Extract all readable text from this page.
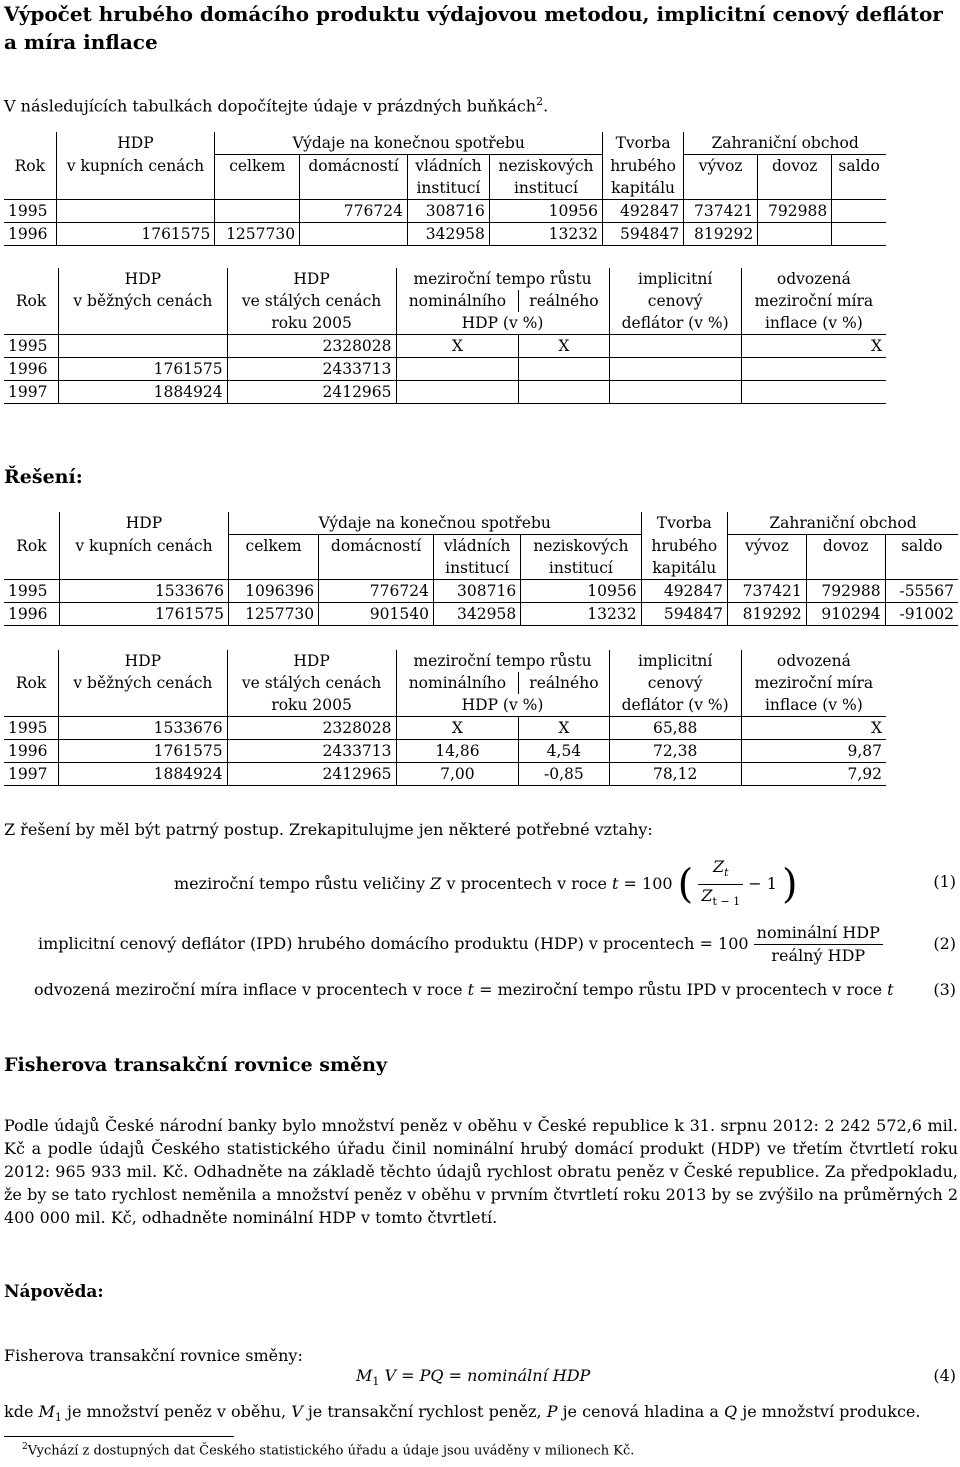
Výpočet hrubého domácího produktu výdajovou metodou, implicitní cenový deflátor a míra inflace

V následujících tabulkách dopočítejte údaje v prázdných buňkách$^2$.

Rok	HDP	Výdaje na konečnou spotřebu				Tvorba	Zahraniční obchod		
	v kupních cenách	celkem	domácností	vládních	neziskových	hrubého	vývoz	dovoz	saldo
				institucí	institucí	kapitálu			
1995			776724	308716	10956	492847	737421	792988	
1996	1761575	1257730		342958	13232	594847	819292		
Rok	HDP	HDP	meziroční tempo růstu		implicitní	odvozená
	v běžných cenách	ve stálých cenách	nominálního	reálného	cenový	meziroční míra
		roku 2005	HDP (v %)		deflátor (v %)	inflace (v %)
1995		2328028	X	X		X
1996	1761575	2433713				
1997	1884924	2412965				
Řešení:
Rok	HDP	Výdaje na konečnou spotřebu				Tvorba	Zahraniční obchod		
	v kupních cenách	celkem	domácností	vládních	neziskových	hrubého	vývoz	dovoz	saldo
				institucí	institucí	kapitálu			
1995	1533676	1096396	776724	308716	10956	492847	737421	792988	-55567
1996	1761575	1257730	901540	342958	13232	594847	819292	910294	-91002
Rok	HDP	HDP	meziroční tempo růstu		implicitní	odvozená
	v běžných cenách	ve stálých cenách	nominálního	reálného	cenový	meziroční míra
		roku 2005	HDP (v %)		deflátor (v %)	inflace (v %)
1995	1533676	2328028	X	X	65,88	X
1996	1761575	2433713	14,86	4,54	72,38	9,87
1997	1884924	2412965	7,00	-0,85	78,12	7,92

Z řešení by měl být patrný postup. Zrekapitulujme jen některé potřebné vztahy:

meziroční tempo růstu veličiny Z v procentech v roce t = 100 ( $\frac{Z_t}{Z_{t - 1}} - 1$ )	(1)
implicitní cenový deflátor (IPD) hrubého domácího produktu (HDP) v procentech = $100 \frac{\text{nominální HDP}}{\text{reálný HDP}}$	(2)
odvozená meziroční míra inflace v procentech v roce t = meziroční tempo růstu IPD v procentech v roce t (3)
Fisherova transakční rovnice směny

Podle údajů České národní banky bylo množství peněz v oběhu v České republice k 31. srpnu 2012: 2 242 572,6 mil. Kč a podle údajů Českého statistického úřadu činil nominální hrubý domácí produkt (HDP) ve třetím čtvrtletí roku 2012: 965 933 mil. Kč. Odhadněte na základě těchto údajů rychlost obratu peněz v České republice. Za předpokladu, že by se tato rychlost neměnila a množství peněz v oběhu v prvním čtvrtletí roku 2013 by se zvýšilo na průměrných 2 400 000 mil. Kč, odhadněte nominální HDP v tomto čtvrtletí.

Nápověda:

Fisherova transakční rovnice směny:

$M_1$ V = PQ = nominální HDP	(4)

kde $M_1$ je množství peněz v oběhu, V je transakční rychlost peněz, P je cenová hladina a Q je množství produkce.

$^2$Vychází z dostupných dat Českého statistického úřadu a údaje jsou uváděny v milionech Kč.
